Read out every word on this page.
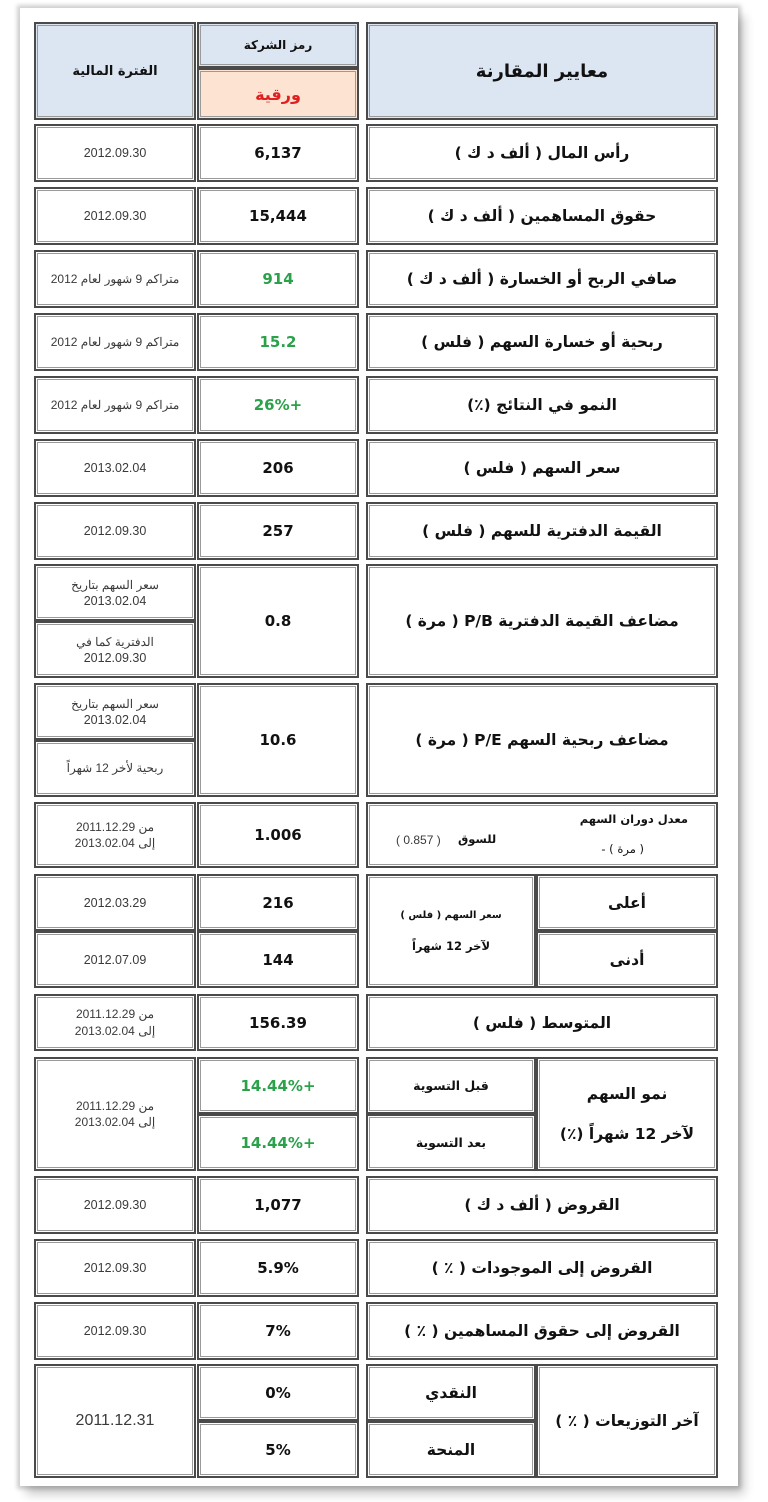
معايير المقارنة
رمز الشركة
ورقية
الفترة المالية
رأس المال ( ألف د ك )
6,137
2012.09.30
حقوق المساهمين ( ألف د ك )
15,444
2012.09.30
صافي الربح أو الخسارة ( ألف د ك )
914
متراكم 9 شهور لعام 2012
ربحية أو خسارة السهم ( فلس )
15.2
متراكم 9 شهور لعام 2012
النمو في النتائج (٪)
26%+
متراكم 9 شهور لعام 2012
سعر السهم ( فلس )
206
2013.02.04
القيمة الدفترية للسهم ( فلس )
257
2012.09.30
مضاعف القيمة الدفترية P/B ( مرة )
0.8
سعر السهم بتاريخ
2013.02.04
الدفترية كما في
2012.09.30
مضاعف ربحية السهم P/E ( مرة )
10.6
سعر السهم بتاريخ
2013.02.04
ربحية لأخر 12 شهراً
معدل دوران السهم
( مرة ) -
للسوق
( 0.857 )
1.006
من 2011.12.29
إلى 2013.02.04
أعلى
أدنى
سعر السهم ( فلس )
لآخر 12 شهراً
216
144
2012.03.29
2012.07.09
المتوسط ( فلس )
156.39
من 2011.12.29
إلى 2013.02.04
نمو السهم
لآخر 12 شهراً (٪)
قبل التسوية
بعد التسوية
14.44%+
14.44%+
من 2011.12.29
إلى 2013.02.04
القروض ( ألف د ك )
1,077
2012.09.30
القروض إلى الموجودات ( ٪ )
5.9%
2012.09.30
القروض إلى حقوق المساهمين ( ٪ )
7%
2012.09.30
آخر التوزيعات ( ٪ )
النقدي
المنحة
0%
5%
2011.12.31
